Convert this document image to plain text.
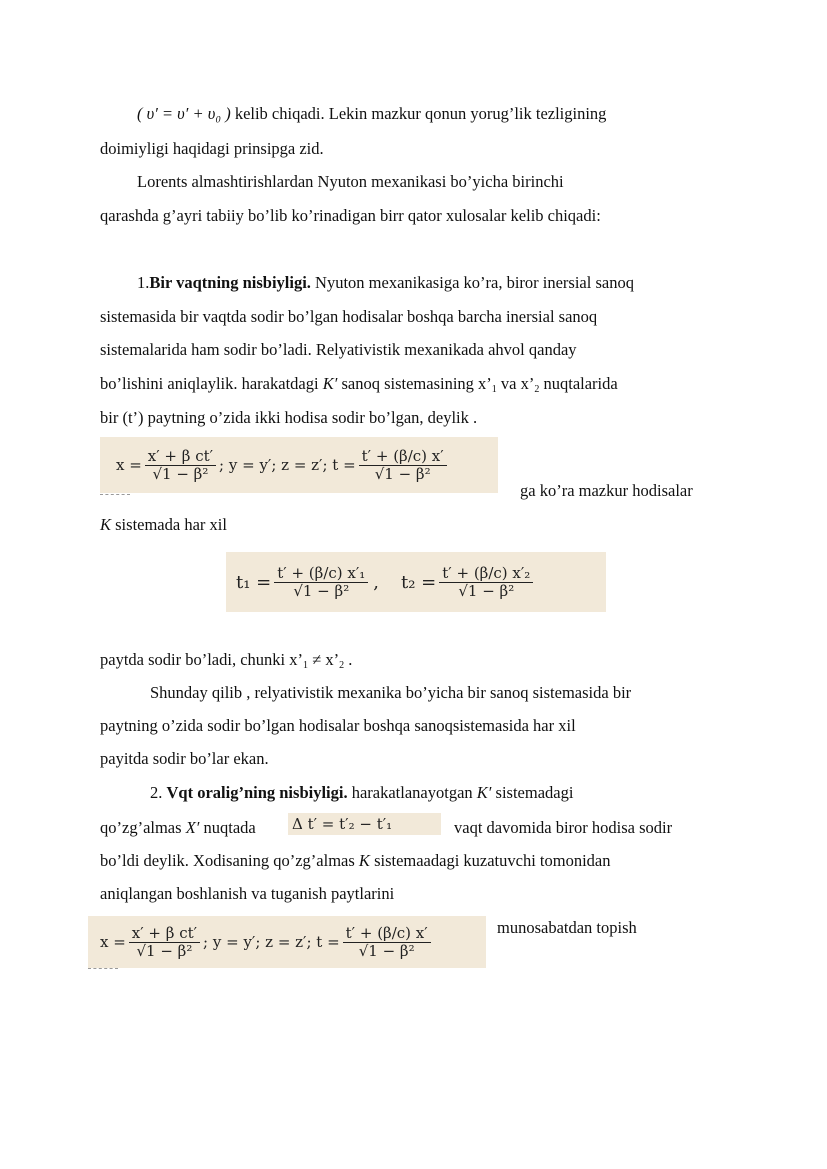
( υ′ = υ′ + υ₀ ) kelib chiqadi. Lekin mazkur qonun yorug’lik tezligining
doimiyligi haqidagi prinsipga zid.
Lorents almashtirishlardan Nyuton mexanikasi bo’yicha birinchi
qarashda g’ayri tabiiy bo’lib ko’rinadigan birr qator xulosalar kelib chiqadi:
1.Bir vaqtning nisbiyligi. Nyuton mexanikasiga ko’ra, biror inersial sanoq
sistemasida bir vaqtda sodir bo’lgan hodisalar boshqa barcha inersial sanoq
sistemalarida ham sodir bo’ladi. Relyativistik mexanikada ahvol qanday
bo’lishini aniqlaylik. harakatdagi K′ sanoq sistemasining $x’_1$ va $x’_2$ nuqtalarida
bir (t’) paytning o’zida ikki hodisa sodir bo’lgan, deylik .
$x = \frac{\text{x′ + β ct′}}{\text{√1 − β²}}$ ; y = y′; z = z′; $t = \frac{t' + (\beta/c) x'}{\text{√1 − β²}}$
ga ko’ra mazkur hodisalar
K sistemada har xil
$t_1 = \frac{\text{t′ + (β/c) x′₁}}{\text{√1 − β²}}$ , $t_2 = \frac{\text{t′ + (β/c) x′₂}}{\text{√1 − β²}}$
paytda sodir bo’ladi, chunki $x’_1$ ≠ $x’_2$ .
Shunday qilib , relyativistik mexanika bo’yicha bir sanoq sistemasida bir
paytning o’zida sodir bo’lgan hodisalar boshqa sanoqsistemasida har xil
payitda sodir bo’lar ekan.
2. Vqt oralig’ning nisbiyligi. harakatlanayotgan K′ sistemadagi
qo’zg’almas X′ nuqtada Δ t′ = t′₂ − t′₁	vaqt davomida biror hodisa sodir
bo’ldi deylik. Xodisaning qo’zg’almas K sistemaadagi kuzatuvchi tomonidan
aniqlangan boshlanish va tuganish paytlarini
$x = \frac{\text{x′ + β ct′}}{\text{√1 − β²}}$ ; y = y′; z = z′; $t = \frac{t' + (\beta/c) x'}{\text{√1 − β²}}$	munosabatdan topish
